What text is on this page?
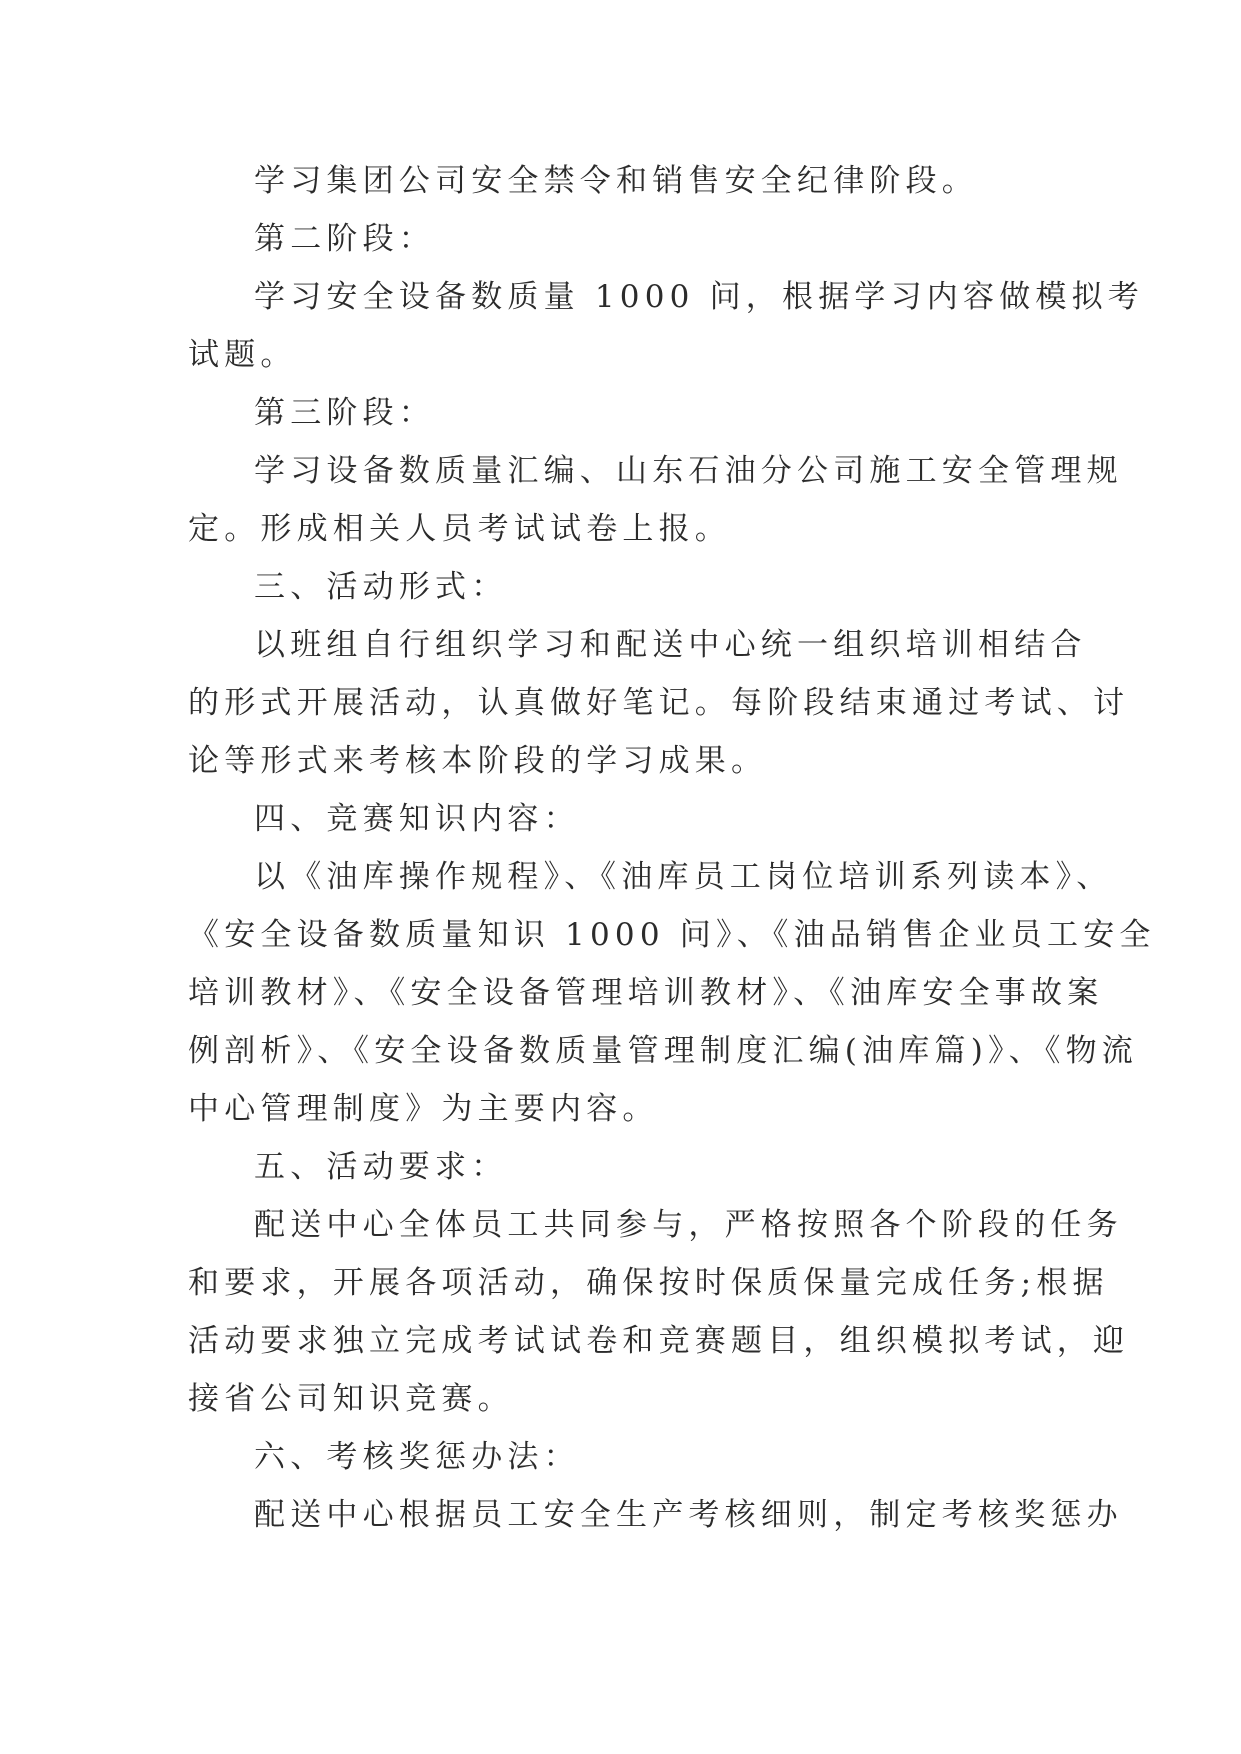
学习集团公司安全禁令和销售安全纪律阶段。
第二阶段：
学习安全设备数质量 1000 问，根据学习内容做模拟考
试题。
第三阶段：
学习设备数质量汇编、山东石油分公司施工安全管理规
定。形成相关人员考试试卷上报。
三、活动形式：
以班组自行组织学习和配送中心统一组织培训相结合
的形式开展活动，认真做好笔记。每阶段结束通过考试、讨
论等形式来考核本阶段的学习成果。
四、竞赛知识内容：
以《油库操作规程》、《油库员工岗位培训系列读本》、
《安全设备数质量知识 1000 问》、《油品销售企业员工安全
培训教材》、《安全设备管理培训教材》、《油库安全事故案
例剖析》、《安全设备数质量管理制度汇编(油库篇)》、《物流
中心管理制度》为主要内容。
五、活动要求：
配送中心全体员工共同参与，严格按照各个阶段的任务
和要求，开展各项活动，确保按时保质保量完成任务;根据
活动要求独立完成考试试卷和竞赛题目，组织模拟考试，迎
接省公司知识竞赛。
六、考核奖惩办法：
配送中心根据员工安全生产考核细则，制定考核奖惩办
